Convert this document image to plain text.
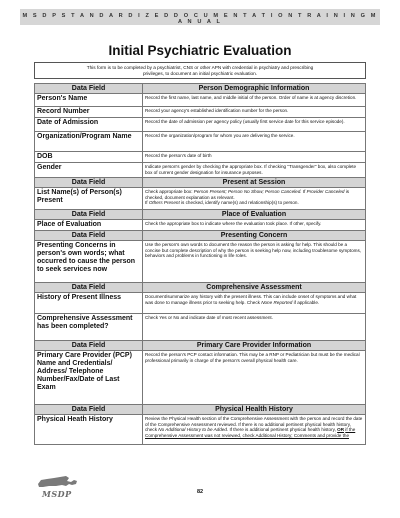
M S D P S T A N D A R D I Z E D D O C U M E N T A T I O N T R A I N I N G M A N U A L
Initial Psychiatric Evaluation
This form is to be completed by a psychiatrist, CNS or other APN with credential in psychiatry and prescribing
privileges, to document an initial psychiatric evaluation.
Data Field	Person Demographic Information
Person's Name	Record the first name, last name, and middle initial of the person. Order of name is at agency discretion.
Record Number	Record your agency's established identification number for the person.
Date of Admission	Record the date of admission per agency policy (usually first service date for this service episode).
Organization/Program Name	Record the organization/program for whom you are delivering the service.
DOB	Record the person's date of birth
Gender	Indicate person's gender by checking the appropriate box. If checking "Transgender" box, also complete box of current gender designation for insurance purposes.
Data Field	Present at Session
List Name(s) of Person(s) Present	Check appropriate box: Person Present; Person No Show; Person Canceled. If Provider Canceled is checked, document explanation as relevant.
If Others Present is checked, identify name(s) and relationship(s) to person.
Data Field	Place of Evaluation
Place of Evaluation	Check the appropriate box to indicate where the evaluation took place. If other, specify.
Data Field	Presenting Concern
Presenting Concerns in person's own words; what occurred to cause the person to seek services now	Use the person's own words to document the reason the person is asking for help. This should be a concise but complete description of why the person is seeking help now, including troublesome symptoms, behaviors and problems in functioning in life roles.
Data Field	Comprehensive Assessment
History of Present Illness	Document/summarize any history with the present illness. This can include onset of symptoms and what was done to manage illness prior to seeking help. Check None Reported if applicable.
Comprehensive Assessment has been completed?	Check Yes or No and indicate date of most recent assessment.
Data Field	Primary Care Provider Information
Primary Care Provider (PCP) Name and Credentials/ Address/ Telephone Number/Fax/Date of Last Exam	Record the person's PCP contact information. This may be a RNP or Pediatrician but must be the medical professional primarily in charge of the person's overall physical health care.
Data Field	Physical Health History
Physical Heath History	Review the Physical Health section of the Comprehensive Assessment with the person and record the date of the Comprehensive Assessment reviewed. If there is no additional pertinent physical health history, check No Additional History to be Added. If there is additional pertinent physical health history, OR if the Comprehensive Assessment was not reviewed, check Additional History; Comments and provide the
MSDP	82
